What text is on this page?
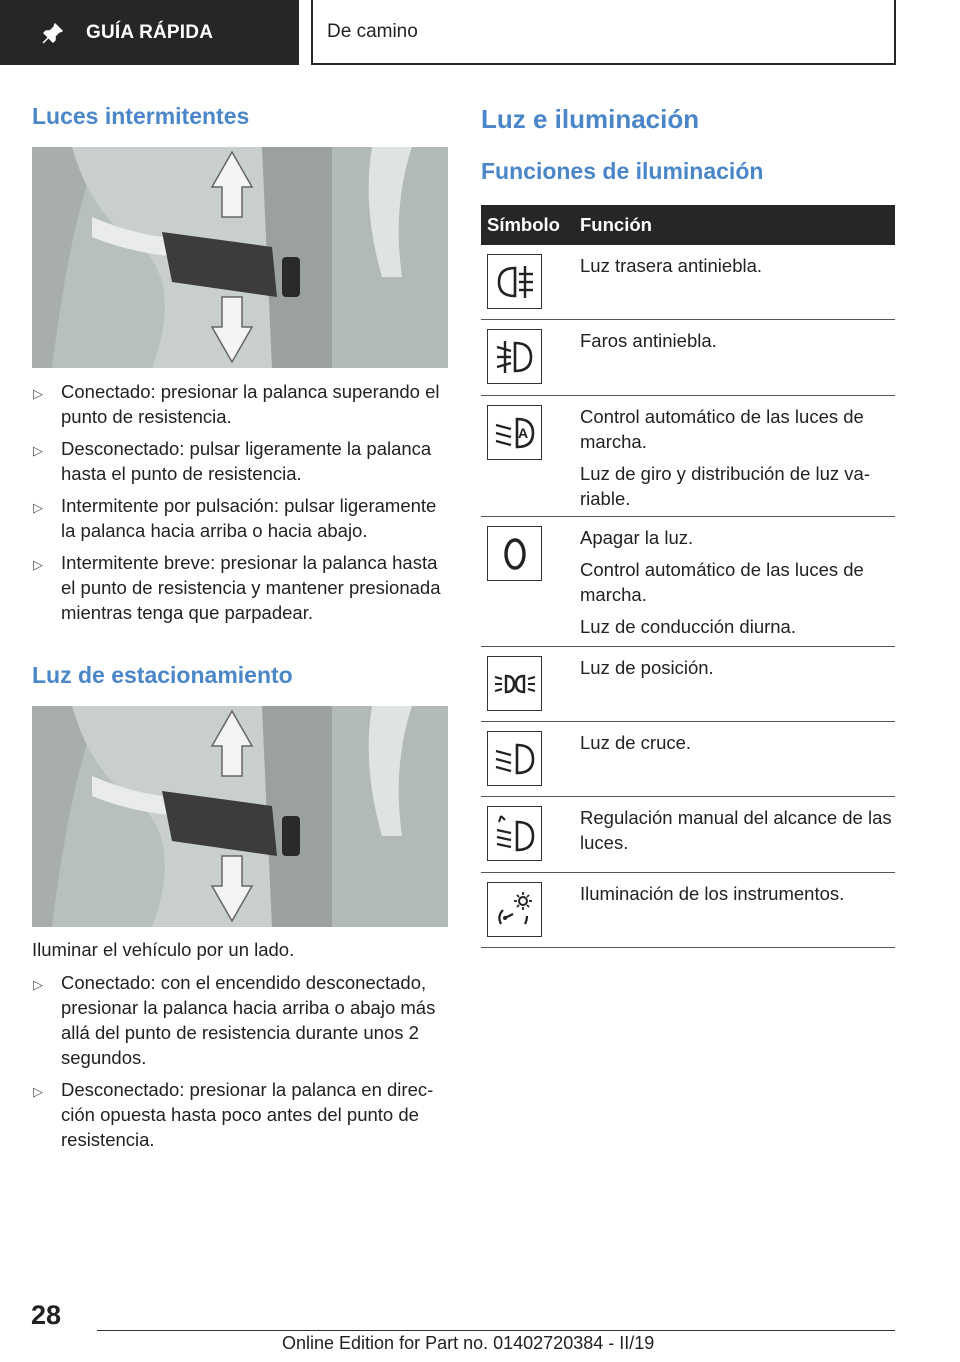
GUÍA RÁPIDA	De camino
Luces intermitentes
▷ Conectado: presionar la palanca superando el punto de resistencia.
▷ Desconectado: pulsar ligeramente la palanca hasta el punto de resistencia.
▷ Intermitente por pulsación: pulsar ligeramente la palanca hacia arriba o hacia abajo.
▷ Intermitente breve: presionar la palanca hasta el punto de resistencia y mantener presionada mientras tenga que parpadear.
Luz de estacionamiento
Iluminar el vehículo por un lado.
▷ Conectado: con el encendido desconectado, presionar la palanca hacia arriba o abajo más allá del punto de resistencia durante unos 2 segundos.
▷ Desconectado: presionar la palanca en dirección opuesta hasta poco antes del punto de resistencia.
Luz e iluminación
Funciones de iluminación
Símbolo	Función
Luz trasera antiniebla.
Faros antiniebla.
A
Control automático de las luces de marcha.
Luz de giro y distribución de luz variable.
Apagar la luz.
Control automático de las luces de marcha.
Luz de conducción diurna.
Luz de posición.
Luz de cruce.
Regulación manual del alcance de las luces.
Iluminación de los instrumentos.
28
Online Edition for Part no. 01402720384 - II/19
